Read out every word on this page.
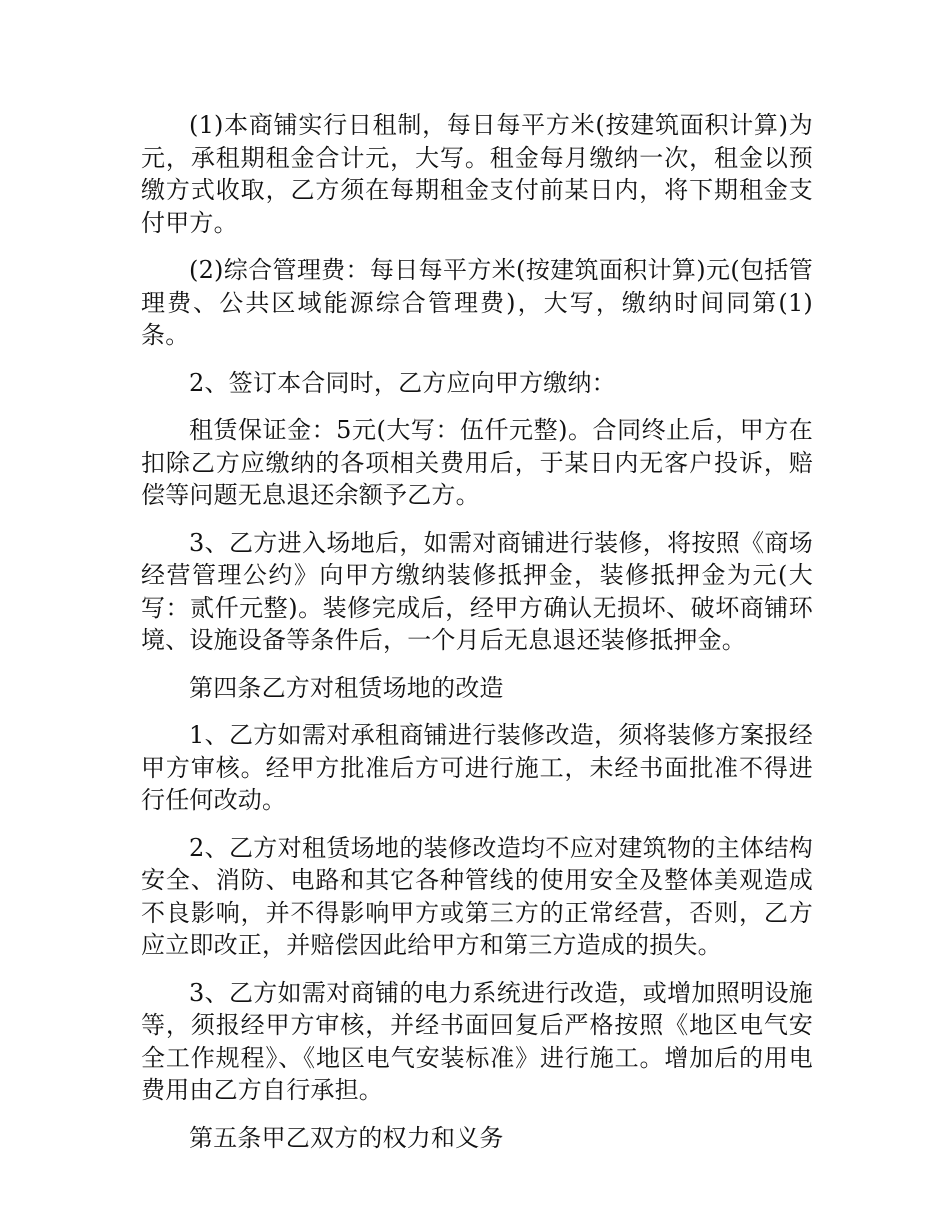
(1)本商铺实行日租制，每日每平方米(按建筑面积计算)为元，承租期租金合计元，大写。租金每月缴纳一次，租金以预缴方式收取，乙方须在每期租金支付前某日内，将下期租金支付甲方。

(2)综合管理费：每日每平方米(按建筑面积计算)元(包括管理费、公共区域能源综合管理费)，大写，缴纳时间同第(1)条。

2、签订本合同时，乙方应向甲方缴纳：

租赁保证金：5元(大写：伍仟元整)。合同终止后，甲方在扣除乙方应缴纳的各项相关费用后，于某日内无客户投诉，赔偿等问题无息退还余额予乙方。

3、乙方进入场地后，如需对商铺进行装修，将按照《商场经营管理公约》向甲方缴纳装修抵押金，装修抵押金为元(大写：贰仟元整)。装修完成后，经甲方确认无损坏、破坏商铺环境、设施设备等条件后，一个月后无息退还装修抵押金。

第四条乙方对租赁场地的改造

1、乙方如需对承租商铺进行装修改造，须将装修方案报经甲方审核。经甲方批准后方可进行施工，未经书面批准不得进行任何改动。

2、乙方对租赁场地的装修改造均不应对建筑物的主体结构安全、消防、电路和其它各种管线的使用安全及整体美观造成不良影响，并不得影响甲方或第三方的正常经营，否则，乙方应立即改正，并赔偿因此给甲方和第三方造成的损失。

3、乙方如需对商铺的电力系统进行改造，或增加照明设施等，须报经甲方审核，并经书面回复后严格按照《地区电气安全工作规程》、《地区电气安装标准》进行施工。增加后的用电费用由乙方自行承担。

第五条甲乙双方的权力和义务
